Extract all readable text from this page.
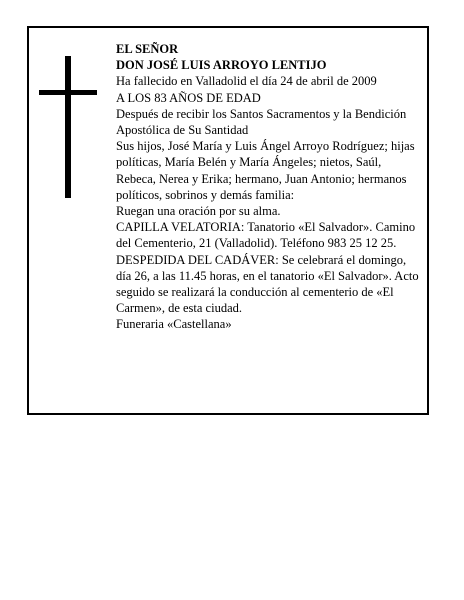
EL SEÑOR

DON JOSÉ LUIS ARROYO LENTIJO

Ha fallecido en Valladolid el día 24 de abril de 2009

A LOS 83 AÑOS DE EDAD

Después de recibir los Santos Sacramentos y la Bendición Apostólica de Su Santidad

Sus hijos, José María y Luis Ángel Arroyo Rodríguez; hijas políticas, María Belén y María Ángeles; nietos, Saúl, Rebeca, Nerea y Erika; hermano, Juan Antonio; hermanos políticos, sobrinos y demás familia:

Ruegan una oración por su alma.

CAPILLA VELATORIA: Tanatorio «El Salvador». Camino del Cementerio, 21 (Valladolid). Teléfono 983 25 12 25.

DESPEDIDA DEL CADÁVER: Se celebrará el domingo, día 26, a las 11.45 horas, en el tanatorio «El Salvador». Acto seguido se realizará la conducción al cementerio de «El Carmen», de esta ciudad.

Funeraria «Castellana»
